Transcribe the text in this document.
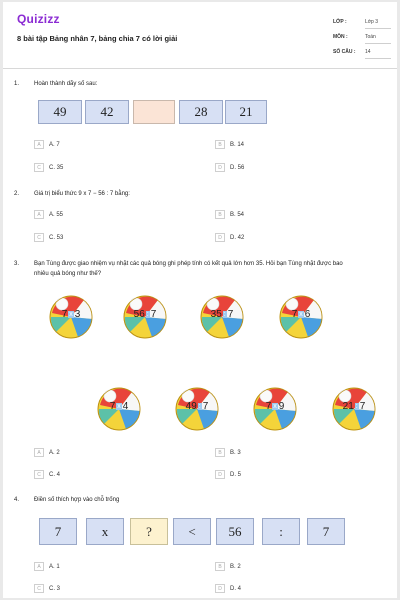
Quizizz
8 bài tập Bảng nhân 7, bảng chia 7 có lời giải
LỚP :	Lớp 3
MÔN :	Toán
SỐ CÂU : 14
1. Hoàn thành dãy số sau:
49	42	28	21
A	A. 7	B	B. 14
C	C. 35	D	D. 56
2. Giá trị biểu thức 9 x 7 − 56 : 7 bằng:
A	A. 55	B	B. 54
C	C. 53	D	D. 42
3. Bạn Tùng được giao nhiệm vụ nhặt các quả bóng ghi phép tính có kết quả lớn hơn 35. Hỏi bạn Tùng nhặt được bao
nhiêu quả bóng như thế?
7 x 3	56 : 7	35 : 7	7 x 6
7 x 4	49 : 7	7 x 9	21 : 7
A	A. 2	B	B. 3
C	C. 4	D	D. 5
4. Điền số thích hợp vào chỗ trống
7	x	?	<	56	:	7
A	A. 1	B	B. 2
C	C. 3	D	D. 4
